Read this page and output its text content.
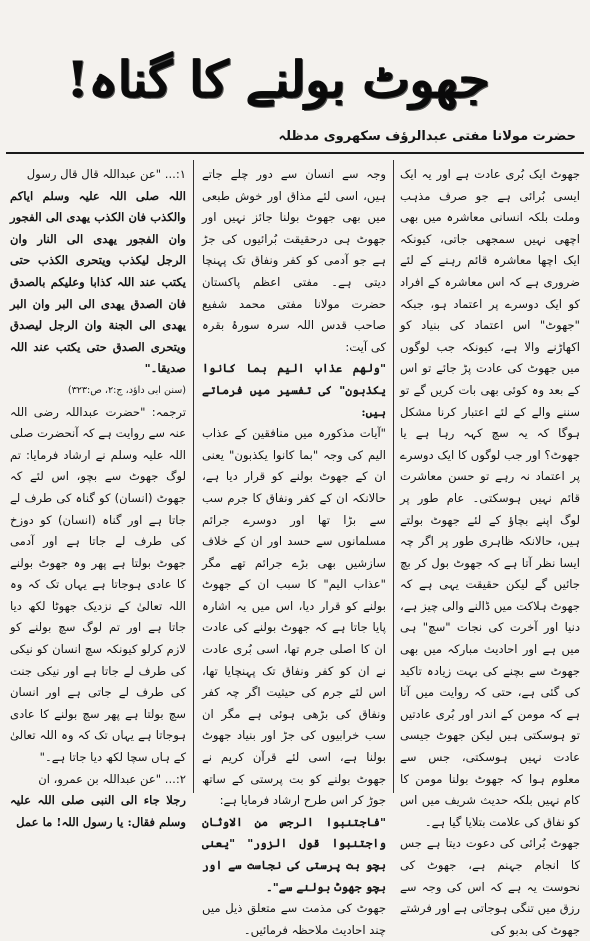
جھوٹ بولنے کا گناہ!
حضرت مولانا مفتی عبدالرؤف سکھروی مدظلہ

جھوٹ ایک بُری عادت ہے اور یہ ایک ایسی بُرائی ہے جو صرف مذہب وملت بلکہ انسانی معاشرہ میں بھی اچھی نہیں سمجھی جاتی، کیونکہ ایک اچھا معاشرہ قائم رہنے کے لئے ضروری ہے کہ اس معاشرہ کے افراد کو ایک دوسرے پر اعتماد ہو، جبکہ "جھوٹ" اس اعتماد کی بنیاد کو اکھاڑنے والا ہے، کیونکہ جب لوگوں میں جھوٹ کی عادت پڑ جائے تو اس کے بعد وہ کوئی بھی بات کریں گے تو سننے والے کے لئے اعتبار کرنا مشکل ہوگا کہ یہ سچ کہہ رہا ہے یا جھوٹ؟ اور جب لوگوں کا ایک دوسرے پر اعتماد نہ رہے تو حسن معاشرت قائم نہیں ہوسکتی۔ عام طور پر لوگ اپنے بچاؤ کے لئے جھوٹ بولتے ہیں، حالانکہ ظاہری طور پر اگر چہ ایسا نظر آتا ہے کہ جھوٹ بول کر بچ جائیں گے لیکن حقیقت یہی ہے کہ جھوٹ ہلاکت میں ڈالنے والی چیز ہے، دنیا اور آخرت کی نجات "سچ" ہی میں ہے اور احادیث مبارکہ میں بھی جھوٹ سے بچنے کی بہت زیادہ تاکید کی گئی ہے، حتی کہ روایت میں آتا ہے کہ مومن کے اندر اور بُری عادتیں تو ہوسکتی ہیں لیکن جھوٹ جیسی عادت نہیں ہوسکتی، جس سے معلوم ہوا کہ جھوٹ بولنا مومن کا کام نہیں بلکہ حدیث شریف میں اس کو نفاق کی علامت بتلایا گیا ہے۔

جھوٹ بُرائی کی دعوت دیتا ہے جس کا انجام جہنم ہے، جھوٹ کی نحوست یہ ہے کہ اس کی وجہ سے رزق میں تنگی ہوجاتی ہے اور فرشتے جھوٹ کی بدبو کی

وجہ سے انسان سے دور چلے جاتے ہیں، اسی لئے مذاق اور خوش طبعی میں بھی جھوٹ بولنا جائز نہیں اور جھوٹ ہی درحقیقت بُرائیوں کی جڑ ہے جو آدمی کو کفر ونفاق تک پہنچا دیتی ہے۔ مفتی اعظم پاکستان حضرت مولانا مفتی محمد شفیع صاحب قدس اللہ سرہ سورۂ بقرہ کی آیت:

"ولهم عذاب اليم بما كانوا يكذبون" کی تفسیر میں فرماتے ہیں:

"آیات مذکورہ میں منافقین کے عذاب الیم کی وجہ "بما كانوا يكذبون" یعنی ان کے جھوٹ بولنے کو قرار دیا ہے، حالانکہ ان کے کفر ونفاق کا جرم سب سے بڑا تھا اور دوسرے جرائم مسلمانوں سے حسد اور ان کے خلاف سازشیں بھی بڑے جرائم تھے مگر "عذاب الیم" کا سبب ان کے جھوٹ بولنے کو قرار دیا، اس میں یہ اشارہ پایا جاتا ہے کہ جھوٹ بولنے کی عادت ان کا اصلی جرم تھا، اسی بُری عادت نے ان کو کفر ونفاق تک پہنچایا تھا، اس لئے جرم کی حیثیت اگر چہ کفر ونفاق کی بڑھی ہوئی ہے مگر ان سب خرابیوں کی جڑ اور بنیاد جھوٹ بولنا ہے، اسی لئے قرآن کریم نے جھوٹ بولنے کو بت پرستی کے ساتھ جوڑ کر اس طرح ارشاد فرمایا ہے:

"فاجتنبوا الرجس من الاوثان واجتنبوا قول الزور" "یعنی بچو بت پرستی کی نجاست سے اور بچو جھوٹ بولنے سے"۔

جھوٹ کی مذمت سے متعلق ذیل میں چند احادیث ملاحظہ فرمائیں۔

۱:... "عن عبداللہ قال قال رسول

اللہ صلی اللہ علیہ وسلم ایاکم والکذب فان الکذب یهدی الی الفجور وان الفجور یهدی الی النار وان الرجل لیکذب ویتحری الکذب حتی یکتب عند اللہ کذابا وعلیکم بالصدق فان الصدق یهدی الی البر وان البر یهدی الی الجنة وان الرجل لیصدق ویتحری الصدق حتی یکتب عند اللہ صدیقا۔"

(سنن ابی داؤد، ج:۲، ص:۳۲۳)

ترجمہ: "حضرت عبداللہ رضی اللہ عنہ سے روایت ہے کہ آنحضرت صلی اللہ علیہ وسلم نے ارشاد فرمایا: تم لوگ جھوٹ سے بچو، اس لئے کہ جھوٹ (انسان) کو گناہ کی طرف لے جاتا ہے اور گناہ (انسان) کو دوزخ کی طرف لے جاتا ہے اور آدمی جھوٹ بولتا ہے پھر وہ جھوٹ بولنے کا عادی ہوجاتا ہے یہاں تک کہ وہ اللہ تعالیٰ کے نزدیک جھوٹا لکھ دیا جاتا ہے اور تم لوگ سچ بولنے کو لازم کرلو کیونکہ سچ انسان کو نیکی کی طرف لے جاتا ہے اور نیکی جنت کی طرف لے جاتی ہے اور انسان سچ بولتا ہے پھر سچ بولنے کا عادی ہوجاتا ہے یہاں تک کہ وہ اللہ تعالیٰ کے ہاں سچا لکھ دیا جاتا ہے۔"

۲:... "عن عبداللہ بن عمرو، ان

رجلا جاء الی النبی صلی اللہ علیہ وسلم فقال: یا رسول اللہ! ما عمل
